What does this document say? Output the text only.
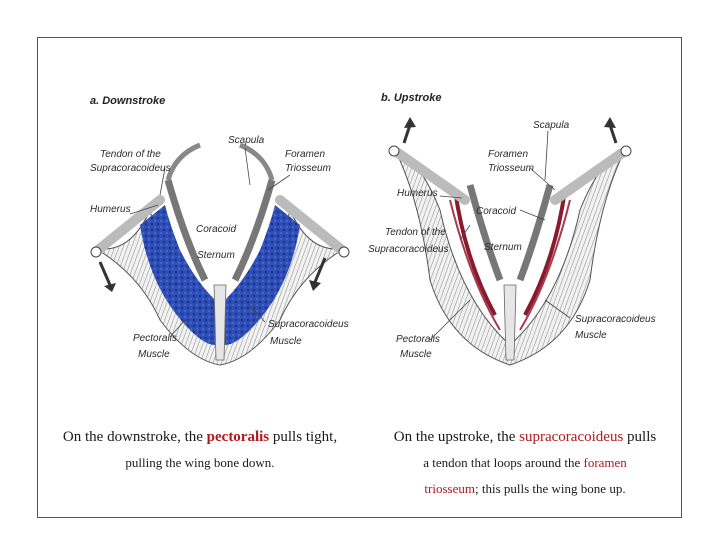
a. Downstroke
Tendon of the
Supracoracoideus
Scapula
Foramen
Triosseum
Humerus
Coracoid
Sternum
Supracoracoideus
Muscle
Pectoralis
Muscle
b. Upstroke
Scapula
Foramen
Triosseum
Humerus
Coracoid
Tendon of the
Supracoracoideus	Sternum
Supracoracoideus
Muscle
Pectoralis
Muscle
On the downstroke, the pectoralis pulls tight,
pulling the wing bone down.
On the upstroke, the supracoracoideus pulls
a tendon that loops around the foramen
triosseum; this pulls the wing bone up.
